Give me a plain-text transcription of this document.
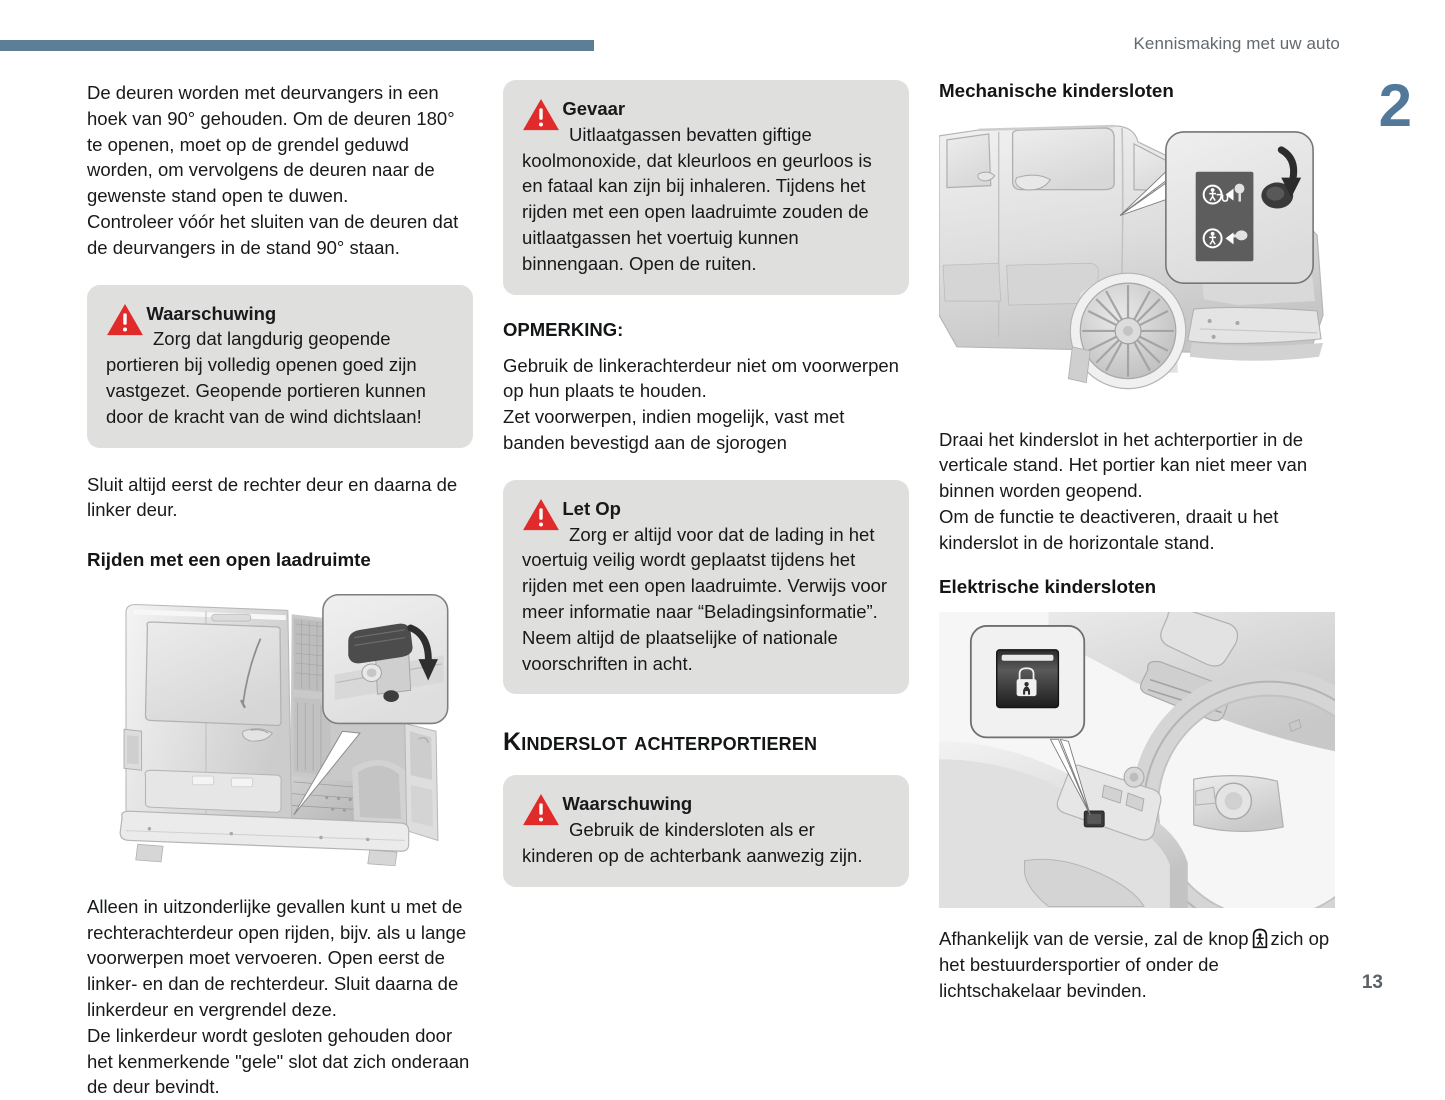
Kennismaking met uw auto
2
13

De deuren worden met deurvangers in een hoek van 90° gehouden. Om de deuren 180° te openen, moet op de grendel geduwd worden, om vervolgens de deuren naar de gewenste stand open te duwen.

Controleer vóór het sluiten van de deuren dat de deurvangers in de stand 90° staan.

Waarschuwing
Zorg dat langdurig geopende portieren bij volledig openen goed zijn vastgezet. Geopende portieren kunnen door de kracht van de wind dichtslaan!

Sluit altijd eerst de rechter deur en daarna de linker deur.

Rijden met een open laadruimte

Alleen in uitzonderlijke gevallen kunt u met de rechterachterdeur open rijden, bijv. als u lange voorwerpen moet vervoeren. Open eerst de linker- en dan de rechterdeur. Sluit daarna de linkerdeur en vergrendel deze.

De linkerdeur wordt gesloten gehouden door het kenmerkende "gele" slot dat zich onderaan de deur bevindt.

Gevaar
Uitlaatgassen bevatten giftige koolmonoxide, dat kleurloos en geurloos is en fataal kan zijn bij inhaleren. Tijdens het rijden met een open laadruimte zouden de uitlaatgassen het voertuig kunnen binnengaan. Open de ruiten.

OPMERKING:

Gebruik de linkerachterdeur niet om voorwerpen op hun plaats te houden.

Zet voorwerpen, indien mogelijk, vast met banden bevestigd aan de sjorogen

Let Op
Zorg er altijd voor dat de lading in het voertuig veilig wordt geplaatst tijdens het rijden met een open laadruimte. Verwijs voor meer informatie naar “Beladingsinformatie”. Neem altijd de plaatselijke of nationale voorschriften in acht.
Kinderslot achterportieren
Waarschuwing
Gebruik de kindersloten als er kinderen op de achterbank aanwezig zijn.
Mechanische kindersloten

Draai het kinderslot in het achterportier in de verticale stand. Het portier kan niet meer van binnen worden geopend.

Om de functie te deactiveren, draait u het kinderslot in de horizontale stand.

Elektrische kindersloten

Afhankelijk van de versie, zal de knop zich op het bestuurdersportier of onder de lichtschakelaar bevinden.
